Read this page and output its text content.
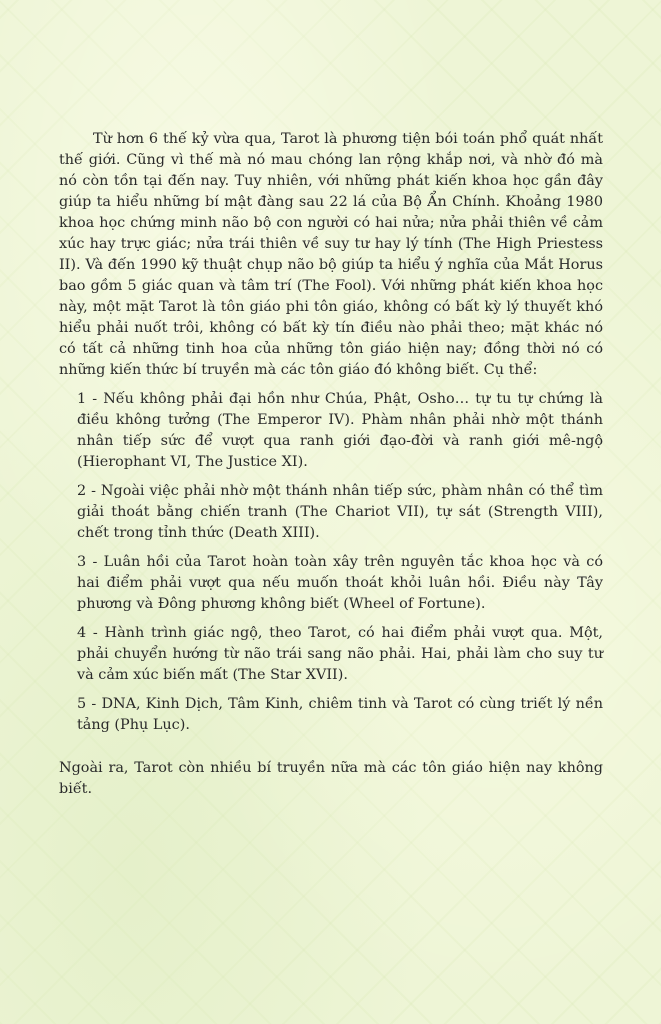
Từ hơn 6 thế kỷ vừa qua, Tarot là phương tiện bói toán phổ quát nhất thế giới. Cũng vì thế mà nó mau chóng lan rộng khắp nơi, và nhờ đó mà nó còn tồn tại đến nay. Tuy nhiên, với những phát kiến khoa học gần đây giúp ta hiểu những bí mật đàng sau 22 lá của Bộ Ẩn Chính. Khoảng 1980 khoa học chứng minh não bộ con người có hai nửa; nửa phải thiên về cảm xúc hay trực giác; nửa trái thiên về suy tư hay lý tính (The High Priestess II). Và đến 1990 kỹ thuật chụp não bộ giúp ta hiểu ý nghĩa của Mắt Horus bao gồm 5 giác quan và tâm trí (The Fool). Với những phát kiến khoa học này, một mặt Tarot là tôn giáo phi tôn giáo, không có bất kỳ lý thuyết khó hiểu phải nuốt trôi, không có bất kỳ tín điều nào phải theo; mặt khác nó có tất cả những tinh hoa của những tôn giáo hiện nay; đồng thời nó có những kiến thức bí truyền mà các tôn giáo đó không biết. Cụ thể:

1 - Nếu không phải đại hồn như Chúa, Phật, Osho… tự tu tự chứng là điều không tưởng (The Emperor IV). Phàm nhân phải nhờ một thánh nhân tiếp sức để vượt qua ranh giới đạo-đời và ranh giới mê-ngộ (Hierophant VI, The Justice XI).

2 - Ngoài việc phải nhờ một thánh nhân tiếp sức, phàm nhân có thể tìm giải thoát bằng chiến tranh (The Chariot VII), tự sát (Strength VIII), chết trong tỉnh thức (Death XIII).

3 - Luân hồi của Tarot hoàn toàn xây trên nguyên tắc khoa học và có hai điểm phải vượt qua nếu muốn thoát khỏi luân hồi. Điều này Tây phương và Đông phương không biết (Wheel of Fortune).

4 - Hành trình giác ngộ, theo Tarot, có hai điểm phải vượt qua. Một, phải chuyển hướng từ não trái sang não phải. Hai, phải làm cho suy tư và cảm xúc biến mất (The Star XVII).

5 - DNA, Kinh Dịch, Tâm Kinh, chiêm tinh và Tarot có cùng triết lý nền tảng (Phụ Lục).

Ngoài ra, Tarot còn nhiều bí truyền nữa mà các tôn giáo hiện nay không biết.
